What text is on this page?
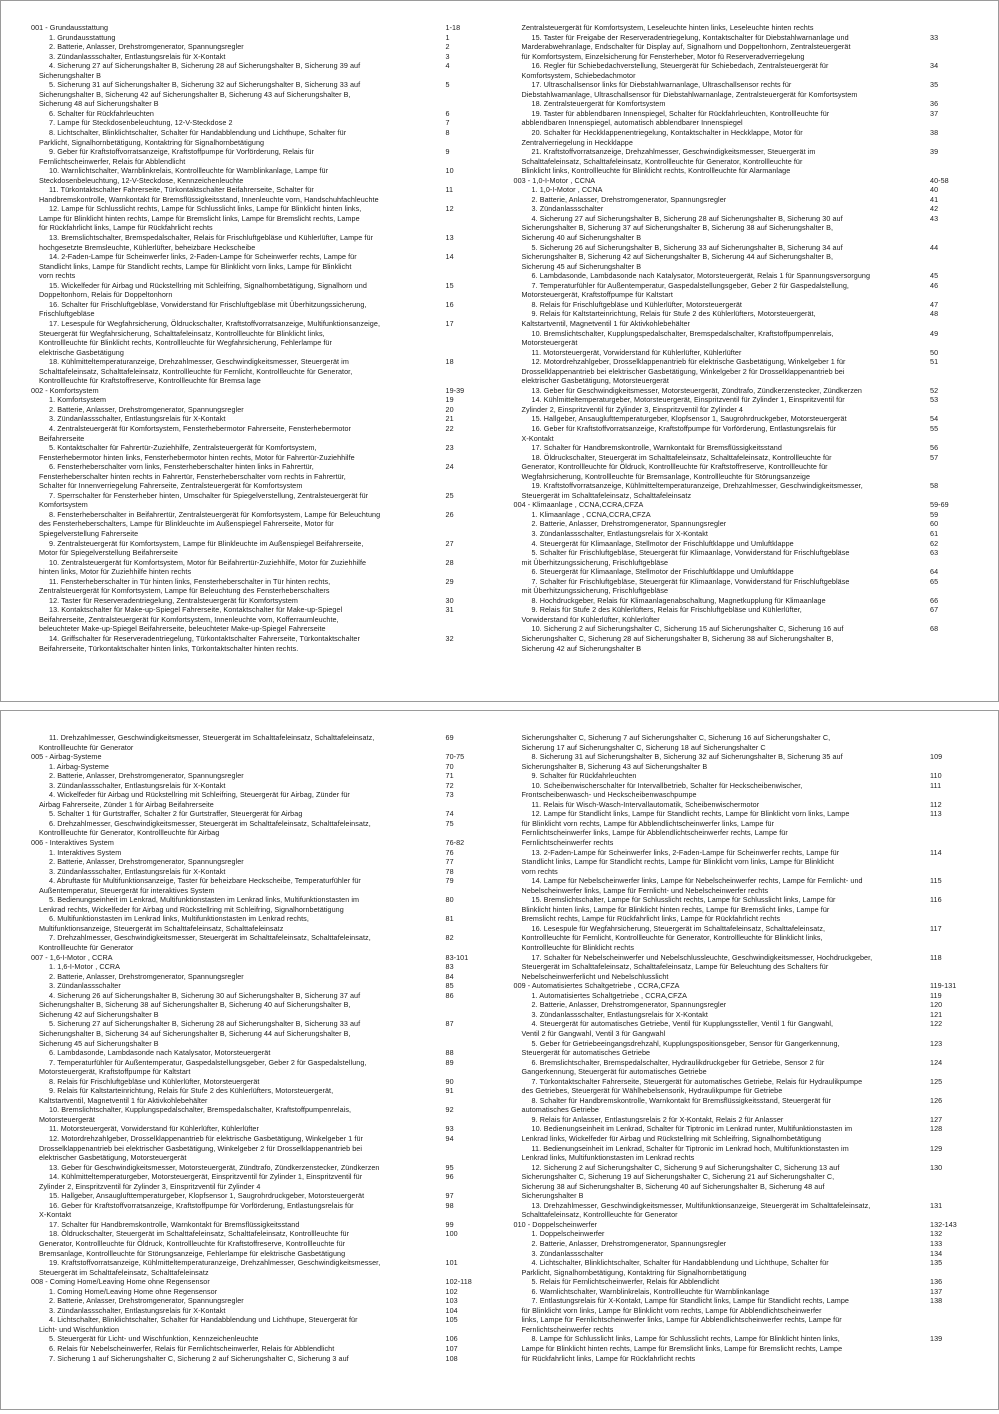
001 - Grundausstattung	1-18
1. Grundausstattung	1
2. Batterie, Anlasser, Drehstromgenerator, Spannungsregler	2
3. Zündanlassschalter, Entlastungsrelais für X-Kontakt	3
4. Sicherung 27 auf Sicherungshalter B, Sicherung 28 auf Sicherungshalter B, Sicherung 39 auf	4
Sicherungshalter B
5. Sicherung 31 auf Sicherungshalter B, Sicherung 32 auf Sicherungshalter B, Sicherung 33 auf	5
Sicherungshalter B, Sicherung 42 auf Sicherungshalter B, Sicherung 43 auf Sicherungshalter B,
Sicherung 48 auf Sicherungshalter B
6. Schalter für Rückfahrleuchten	6
7. Lampe für Steckdosenbeleuchtung, 12-V-Steckdose 2	7
8. Lichtschalter, Blinklichtschalter, Schalter für Handabblendung und Lichthupe, Schalter für	8
Parklicht, Signalhornbetätigung, Kontaktring für Signalhornbetätigung
9. Geber für Kraftstoffvorratsanzeige, Kraftstoffpumpe für Vorförderung, Relais für	9
Fernlichtscheinwerfer, Relais für Abblendlicht
10. Warnlichtschalter, Warnblinkrelais, Kontrollleuchte für Warnblinkanlage, Lampe für	10
Steckdosenbeleuchtung, 12-V-Steckdose, Kennzeichenleuchte
11. Türkontaktschalter Fahrerseite, Türkontaktschalter Beifahrerseite, Schalter für	11
Handbremskontrolle, Warnkontakt für Bremsflüssigkeitsstand, Innenleuchte vorn, Handschuhfachleuchte
12. Lampe für Schlusslicht rechts, Lampe für Schlusslicht links, Lampe für Blinklicht hinten links,	12
Lampe für Blinklicht hinten rechts, Lampe für Bremslicht links, Lampe für Bremslicht rechts, Lampe
für Rückfahrlicht links, Lampe für Rückfahrlicht rechts
13. Bremslichtschalter, Bremspedalschalter, Relais für Frischluftgebläse und Kühlerlüfter, Lampe für	13
hochgesetzte Bremsleuchte, Kühlerlüfter, beheizbare Heckscheibe
14. 2-Faden-Lampe für Scheinwerfer links, 2-Faden-Lampe für Scheinwerfer rechts, Lampe für	14
Standlicht links, Lampe für Standlicht rechts, Lampe für Blinklicht vorn links, Lampe für Blinklicht
vorn rechts
15. Wickelfeder für Airbag und Rückstellring mit Schleifring, Signalhornbetätigung, Signalhorn und	15
Doppeltonhorn, Relais für Doppeltonhorn
16. Schalter für Frischluftgebläse, Vorwiderstand für Frischluftgebläse mit Überhitzungssicherung,	16
Frischluftgebläse
17. Lesespule für Wegfahrsicherung, Öldruckschalter, Kraftstoffvorratsanzeige, Multifunktionsanzeige,	17
Steuergerät für Wegfahrsicherung, Schalttafeleinsatz, Kontrollleuchte für Blinklicht links,
Kontrollleuchte für Blinklicht rechts, Kontrollleuchte für Wegfahrsicherung, Fehlerlampe für
elektrische Gasbetätigung
18. Kühlmitteltemperaturanzeige, Drehzahlmesser, Geschwindigkeitsmesser, Steuergerät im	18
Schalttafeleinsatz, Schalttafeleinsatz, Kontrollleuchte für Fernlicht, Kontrollleuchte für Generator,
Kontrollleuchte für Kraftstoffreserve, Kontrollleuchte für Bremsa lage
002 - Komfortsystem	19-39
1. Komfortsystem	19
2. Batterie, Anlasser, Drehstromgenerator, Spannungsregler	20
3. Zündanlassschalter, Entlastungsrelais für X-Kontakt	21
4. Zentralsteuergerät für Komfortsystem, Fensterhebermotor Fahrerseite, Fensterhebermotor	22
Beifahrerseite
5. Kontaktschalter für Fahrertür-Zuziehhilfe, Zentralsteuergerät für Komfortsystem,	23
Fensterhebermotor hinten links, Fensterhebermotor hinten rechts, Motor für Fahrertür-Zuziehhilfe
6. Fensterheberschalter vorn links, Fensterheberschalter hinten links in Fahrertür,	24
Fensterheberschalter hinten rechts in Fahrertür, Fensterheberschalter vorn rechts in Fahrertür,
Schalter für Innenverriegelung Fahrerseite, Zentralsteuergerät für Komfortsystem
7. Sperrschalter für Fensterheber hinten, Umschalter für Spiegelverstellung, Zentralsteuergerät für	25
Komfortsystem
8. Fensterheberschalter in Beifahrertür, Zentralsteuergerät für Komfortsystem, Lampe für Beleuchtung	26
des Fensterheberschalters, Lampe für Blinkleuchte im Außenspiegel Fahrerseite, Motor für
Spiegelverstellung Fahrerseite
9. Zentralsteuergerät für Komfortsystem, Lampe für Blinkleuchte im Außenspiegel Beifahrerseite,	27
Motor für Spiegelverstellung Beifahrerseite
10. Zentralsteuergerät für Komfortsystem, Motor für Beifahrertür-Zuziehhilfe, Motor für Zuziehhilfe	28
hinten links, Motor für Zuziehhilfe hinten rechts
11. Fensterheberschalter in Tür hinten links, Fensterheberschalter in Tür hinten rechts,	29
Zentralsteuergerät für Komfortsystem, Lampe für Beleuchtung des Fensterheberschalters
12. Taster für Reserveradentriegelung, Zentralsteuergerät für Komfortsystem	30
13. Kontaktschalter für Make-up-Spiegel Fahrerseite, Kontaktschalter für Make-up-Spiegel	31
Beifahrerseite, Zentralsteuergerät für Komfortsystem, Innenleuchte vorn, Kofferraumleuchte,
beleuchteter Make-up-Spiegel Beifahrerseite, beleuchteter Make-up-Spiegel Fahrerseite
14. Griffschalter für Reserveradentriegelung, Türkontaktschalter Fahrerseite, Türkontaktschalter	32
Beifahrerseite, Türkontaktschalter hinten links, Türkontaktschalter hinten rechts.
Zentralsteuergerät für Komfortsystem, Leseleuchte hinten links, Leseleuchte hinten rechts
15. Taster für Freigabe der Reserveradentriegelung, Kontaktschalter für Diebstahlwarnanlage und	33
Marderabwehranlage, Endschalter für Display auf, Signalhorn und Doppeltonhorn, Zentralsteuergerät
für Komfortsystem, Einzelsicherung für Fensterheber, Motor fü Reserveradverriegelung
16. Regler für Schiebedachverstellung, Steuergerät für Schiebedach, Zentralsteuergerät für	34
Komfortsystem, Schiebedachmotor
17. Ultraschallsensor links für Diebstahlwarnanlage, Ultraschallsensor rechts für	35
Diebstahlwarnanlage, Ultraschallsensor für Diebstahlwarnanlage, Zentralsteuergerät für Komfortsystem
18. Zentralsteuergerät für Komfortsystem	36
19. Taster für abblendbaren Innenspiegel, Schalter für Rückfahrleuchten, Kontrollleuchte für	37
abblendbaren Innenspiegel, automatisch abblendbarer Innenspiegel
20. Schalter für Heckklappenentriegelung, Kontaktschalter in Heckklappe, Motor für	38
Zentralverriegelung in Heckklappe
21. Kraftstoffvorratsanzeige, Drehzahlmesser, Geschwindigkeitsmesser, Steuergerät im	39
Schalttafeleinsatz, Schalttafeleinsatz, Kontrollleuchte für Generator, Kontrollleuchte für
Blinklicht links, Kontrollleuchte für Blinklicht rechts, Kontrollleuchte für Alarmanlage
003 - 1,0-I-Motor , CCNA	40-58
1. 1,0-I-Motor , CCNA	40
2. Batterie, Anlasser, Drehstromgenerator, Spannungsregler	41
3. Zündanlassschalter	42
4. Sicherung 27 auf Sicherungshalter B, Sicherung 28 auf Sicherungshalter B, Sicherung 30 auf	43
Sicherungshalter B, Sicherung 37 auf Sicherungshalter B, Sicherung 38 auf Sicherungshalter B,
Sicherung 40 auf Sicherungshalter B
5. Sicherung 26 auf Sicherungshalter B, Sicherung 33 auf Sicherungshalter B, Sicherung 34 auf	44
Sicherungshalter B, Sicherung 42 auf Sicherungshalter B, Sicherung 44 auf Sicherungshalter B,
Sicherung 45 auf Sicherungshalter B
6. Lambdasonde, Lambdasonde nach Katalysator, Motorsteuergerät, Relais 1 für Spannungsversorgung	45
7. Temperaturfühler für Außentemperatur, Gaspedalstellungsgeber, Geber 2 für Gaspedalstellung,	46
Motorsteuergerät, Kraftstoffpumpe für Kaltstart
8. Relais für Frischluftgebläse und Kühlerlüfter, Motorsteuergerät	47
9. Relais für Kaltstarteinrichtung, Relais für Stufe 2 des Kühlerlüfters, Motorsteuergerät,	48
Kaltstartventil, Magnetventil 1 für Aktivkohlebehälter
10. Bremslichtschalter, Kupplungspedalschalter, Bremspedalschalter, Kraftstoffpumpenrelais,	49
Motorsteuergerät
11. Motorsteuergerät, Vorwiderstand für Kühlerlüfter, Kühlerlüfter	50
12. Motordrehzahlgeber, Drosselklappenantrieb für elektrische Gasbetätigung, Winkelgeber 1 für	51
Drosselklappenantrieb bei elektrischer Gasbetätigung, Winkelgeber 2 für Drosselklappenantrieb bei
elektrischer Gasbetätigung, Motorsteuergerät
13. Geber für Geschwindigkeitsmesser, Motorsteuergerät, Zündtrafo, Zündkerzenstecker, Zündkerzen	52
14. Kühlmitteltemperaturgeber, Motorsteuergerät, Einspritzventil für Zylinder 1, Einspritzventil für	53
Zylinder 2, Einspritzventil für Zylinder 3, Einspritzventil für Zylinder 4
15. Hallgeber, Ansauglufttemperaturgeber, Klopfsensor 1, Saugrohrdruckgeber, Motorsteuergerät	54
16. Geber für Kraftstoffvorratsanzeige, Kraftstoffpumpe für Vorförderung, Entlastungsrelais für	55
X-Kontakt
17. Schalter für Handbremskontrolle, Warnkontakt für Bremsflüssigkeitsstand	56
18. Öldruckschalter, Steuergerät im Schalttafeleinsatz, Schalttafeleinsatz, Kontrollleuchte für	57
Generator, Kontrollleuchte für Öldruck, Kontrollleuchte für Kraftstoffreserve, Kontrollleuchte für
Wegfahrsicherung, Kontrollleuchte für Bremsanlage, Kontrollleuchte für Störungsanzeige
19. Kraftstoffvorratsanzeige, Kühlmitteltemperaturanzeige, Drehzahlmesser, Geschwindigkeitsmesser,	58
Steuergerät im Schalttafeleinsatz, Schalttafeleinsatz
004 - Klimaanlage , CCNA,CCRA,CFZA	59-69
1. Klimaanlage , CCNA,CCRA,CFZA	59
2. Batterie, Anlasser, Drehstromgenerator, Spannungsregler	60
3. Zündanlassschalter, Entlastungsrelais für X-Kontakt	61
4. Steuergerät für Klimaanlage, Stellmotor der Frischluftklappe und Umluftklappe	62
5. Schalter für Frischluftgebläse, Steuergerät für Klimaanlage, Vorwiderstand für Frischluftgebläse	63
mit Überhitzungssicherung, Frischluftgebläse
6. Steuergerät für Klimaanlage, Stellmotor der Frischluftklappe und Umluftklappe	64
7. Schalter für Frischluftgebläse, Steuergerät für Klimaanlage, Vorwiderstand für Frischluftgebläse	65
mit Überhitzungssicherung, Frischluftgebläse
8. Hochdruckgeber, Relais für Klimaanlagenabschaltung, Magnetkupplung für Klimaanlage	66
9. Relais für Stufe 2 des Kühlerlüfters, Relais für Frischluftgebläse und Kühlerlüfter,	67
Vorwiderstand für Kühlerlüfter, Kühlerlüfter
10. Sicherung 2 auf Sicherungshalter C, Sicherung 15 auf Sicherungshalter C, Sicherung 16 auf	68
Sicherungshalter C, Sicherung 28 auf Sicherungshalter B, Sicherung 38 auf Sicherungshalter B,
Sicherung 42 auf Sicherungshalter B
11. Drehzahlmesser, Geschwindigkeitsmesser, Steuergerät im Schalttafeleinsatz, Schalttafeleinsatz,	69
Kontrollleuchte für Generator
005 - Airbag-Systeme	70-75
1. Airbag-Systeme	70
2. Batterie, Anlasser, Drehstromgenerator, Spannungsregler	71
3. Zündanlassschalter, Entlastungsrelais für X-Kontakt	72
4. Wickelfeder für Airbag und Rückstellring mit Schleifring, Steuergerät für Airbag, Zünder für	73
Airbag Fahrerseite, Zünder 1 für Airbag Beifahrerseite
5. Schalter 1 für Gurtstraffer, Schalter 2 für Gurtstraffer, Steuergerät für Airbag	74
6. Drehzahlmesser, Geschwindigkeitsmesser, Steuergerät im Schalttafeleinsatz, Schalttafeleinsatz,	75
Kontrollleuchte für Generator, Kontrollleuchte für Airbag
006 - Interaktives System	76-82
1. Interaktives System	76
2. Batterie, Anlasser, Drehstromgenerator, Spannungsregler	77
3. Zündanlassschalter, Entlastungsrelais für X-Kontakt	78
4. Abruftaste für Multifunktionsanzeige, Taster für beheizbare Heckscheibe, Temperaturfühler für	79
Außentemperatur, Steuergerät für interaktives System
5. Bedienungseinheit im Lenkrad, Multifunktionstasten im Lenkrad links, Multifunktionstasten im	80
Lenkrad rechts, Wickelfeder für Airbag und Rückstellring mit Schleifring, Signalhornbetätigung
6. Multifunktionstasten im Lenkrad links, Multifunktionstasten im Lenkrad rechts,	81
Multifunktionsanzeige, Steuergerät im Schalttafeleinsatz, Schalttafeleinsatz
7. Drehzahlmesser, Geschwindigkeitsmesser, Steuergerät im Schalttafeleinsatz, Schalttafeleinsatz,	82
Kontrollleuchte für Generator
007 - 1,6-I-Motor , CCRA	83-101
1. 1,6-I-Motor , CCRA	83
2. Batterie, Anlasser, Drehstromgenerator, Spannungsregler	84
3. Zündanlassschalter	85
4. Sicherung 26 auf Sicherungshalter B, Sicherung 30 auf Sicherungshalter B, Sicherung 37 auf	86
Sicherungshalter B, Sicherung 38 auf Sicherungshalter B, Sicherung 40 auf Sicherungshalter B,
Sicherung 42 auf Sicherungshalter B
5. Sicherung 27 auf Sicherungshalter B, Sicherung 28 auf Sicherungshalter B, Sicherung 33 auf	87
Sicherungshalter B, Sicherung 34 auf Sicherungshalter B, Sicherung 44 auf Sicherungshalter B,
Sicherung 45 auf Sicherungshalter B
6. Lambdasonde, Lambdasonde nach Katalysator, Motorsteuergerät	88
7. Temperaturfühler für Außentemperatur, Gaspedalstellungsgeber, Geber 2 für Gaspedalstellung,	89
Motorsteuergerät, Kraftstoffpumpe für Kaltstart
8. Relais für Frischluftgebläse und Kühlerlüfter, Motorsteuergerät	90
9. Relais für Kaltstarteinrichtung, Relais für Stufe 2 des Kühlerlüfters, Motorsteuergerät,	91
Kaltstartventil, Magnetventil 1 für Aktivkohlebehälter
10. Bremslichtschalter, Kupplungspedalschalter, Bremspedalschalter, Kraftstoffpumpenrelais,	92
Motorsteuergerät
11. Motorsteuergerät, Vorwiderstand für Kühlerlüfter, Kühlerlüfter	93
12. Motordrehzahlgeber, Drosselklappenantrieb für elektrische Gasbetätigung, Winkelgeber 1 für	94
Drosselklappenantrieb bei elektrischer Gasbetätigung, Winkelgeber 2 für Drosselklappenantrieb bei
elektrischer Gasbetätigung, Motorsteuergerät
13. Geber für Geschwindigkeitsmesser, Motorsteuergerät, Zündtrafo, Zündkerzenstecker, Zündkerzen	95
14. Kühlmitteltemperaturgeber, Motorsteuergerät, Einspritzventil für Zylinder 1, Einspritzventil für	96
Zylinder 2, Einspritzventil für Zylinder 3, Einspritzventil für Zylinder 4
15. Hallgeber, Ansauglufttemperaturgeber, Klopfsensor 1, Saugrohrdruckgeber, Motorsteuergerät	97
16. Geber für Kraftstoffvorratsanzeige, Kraftstoffpumpe für Vorförderung, Entlastungsrelais für	98
X-Kontakt
17. Schalter für Handbremskontrolle, Warnkontakt für Bremsflüssigkeitsstand	99
18. Öldruckschalter, Steuergerät im Schalttafeleinsatz, Schalttafeleinsatz, Kontrollleuchte für	100
Generator, Kontrollleuchte für Öldruck, Kontrollleuchte für Kraftstoffreserve, Kontrollleuchte für
Bremsanlage, Kontrollleuchte für Störungsanzeige, Fehlerlampe für elektrische Gasbetätigung
19. Kraftstoffvorratsanzeige, Kühlmitteltemperaturanzeige, Drehzahlmesser, Geschwindigkeitsmesser,	101
Steuergerät im Schalttafeleinsatz, Schalttafeleinsatz
008 - Coming Home/Leaving Home ohne Regensensor	102-118
1. Coming Home/Leaving Home ohne Regensensor	102
2. Batterie, Anlasser, Drehstromgenerator, Spannungsregler	103
3. Zündanlassschalter, Entlastungsrelais für X-Kontakt	104
4. Lichtschalter, Blinklichtschalter, Schalter für Handabblendung und Lichthupe, Steuergerät für	105
Licht- und Wischfunktion
5. Steuergerät für Licht- und Wischfunktion, Kennzeichenleuchte	106
6. Relais für Nebelscheinwerfer, Relais für Fernlichtscheinwerfer, Relais für Abblendlicht	107
7. Sicherung 1 auf Sicherungshalter C, Sicherung 2 auf Sicherungshalter C, Sicherung 3 auf	108
Sicherungshalter C, Sicherung 7 auf Sicherungshalter C, Sicherung 16 auf Sicherungshalter C,
Sicherung 17 auf Sicherungshalter C, Sicherung 18 auf Sicherungshalter C
8. Sicherung 31 auf Sicherungshalter B, Sicherung 32 auf Sicherungshalter B, Sicherung 35 auf	109
Sicherungshalter B, Sicherung 43 auf Sicherungshalter B
9. Schalter für Rückfahrleuchten	110
10. Scheibenwischerschalter für Intervallbetrieb, Schalter für Heckscheibenwischer,	111
Frontscheibenwasch- und Heckscheibenwaschpumpe
11. Relais für Wisch-Wasch-Intervallautomatik, Scheibenwischermotor	112
12. Lampe für Standlicht links, Lampe für Standlicht rechts, Lampe für Blinklicht vorn links, Lampe	113
für Blinklicht vorn rechts, Lampe für Abblendlichtscheinwerfer links, Lampe für
Fernlichtscheinwerfer links, Lampe für Abblendlichtscheinwerfer rechts, Lampe für
Fernlichtscheinwerfer rechts
13. 2-Faden-Lampe für Scheinwerfer links, 2-Faden-Lampe für Scheinwerfer rechts, Lampe für	114
Standlicht links, Lampe für Standlicht rechts, Lampe für Blinklicht vorn links, Lampe für Blinklicht
vorn rechts
14. Lampe für Nebelscheinwerfer links, Lampe für Nebelscheinwerfer rechts, Lampe für Fernlicht- und	115
Nebelscheinwerfer links, Lampe für Fernlicht- und Nebelscheinwerfer rechts
15. Bremslichtschalter, Lampe für Schlusslicht rechts, Lampe für Schlusslicht links, Lampe für	116
Blinklicht hinten links, Lampe für Blinklicht hinten rechts, Lampe für Bremslicht links, Lampe für
Bremslicht rechts, Lampe für Rückfahrlicht links, Lampe für Rückfahrlicht rechts
16. Lesespule für Wegfahrsicherung, Steuergerät im Schalttafeleinsatz, Schalttafeleinsatz,	117
Kontrollleuchte für Fernlicht, Kontrollleuchte für Generator, Kontrollleuchte für Blinklicht links,
Kontrollleuchte für Blinklicht rechts
17. Schalter für Nebelscheinwerfer und Nebelschlussleuchte, Geschwindigkeitsmesser, Hochdruckgeber,	118
Steuergerät im Schalttafeleinsatz, Schalttafeleinsatz, Lampe für Beleuchtung des Schalters für
Nebelscheinwerferlicht und Nebelschlusslicht
009 - Automatisiertes Schaltgetriebe , CCRA,CFZA	119-131
1. Automatisiertes Schaltgetriebe , CCRA,CFZA	119
2. Batterie, Anlasser, Drehstromgenerator, Spannungsregler	120
3. Zündanlassschalter, Entlastungsrelais für X-Kontakt	121
4. Steuergerät für automatisches Getriebe, Ventil für Kupplungssteller, Ventil 1 für Gangwahl,	122
Ventil 2 für Gangwahl, Ventil 3 für Gangwahl
5. Geber für Getriebeeingangsdrehzahl, Kupplungspositionsgeber, Sensor für Gangerkennung,	123
Steuergerät für automatisches Getriebe
6. Bremslichtschalter, Bremspedalschalter, Hydraulikdruckgeber für Getriebe, Sensor 2 für	124
Gangerkennung, Steuergerät für automatisches Getriebe
7. Türkontaktschalter Fahrerseite, Steuergerät für automatisches Getriebe, Relais für Hydraulikpumpe	125
des Getriebes, Steuergerät für Wählhebelsensorik, Hydraulikpumpe für Getriebe
8. Schalter für Handbremskontrolle, Warnkontakt für Bremsflüssigkeitsstand, Steuergerät für	126
automatisches Getriebe
9. Relais für Anlasser, Entlastungsrelais 2 für X-Kontakt, Relais 2 für Anlasser	127
10. Bedienungseinheit im Lenkrad, Schalter für Tiptronic im Lenkrad runter, Multifunktionstasten im	128
Lenkrad links, Wickelfeder für Airbag und Rückstellring mit Schleifring, Signalhornbetätigung
11. Bedienungseinheit im Lenkrad, Schalter für Tiptronic im Lenkrad hoch, Multifunktionstasten im	129
Lenkrad links, Multifunktionstasten im Lenkrad rechts
12. Sicherung 2 auf Sicherungshalter C, Sicherung 9 auf Sicherungshalter C, Sicherung 13 auf	130
Sicherungshalter C, Sicherung 19 auf Sicherungshalter C, Sicherung 21 auf Sicherungshalter C,
Sicherung 38 auf Sicherungshalter B, Sicherung 40 auf Sicherungshalter B, Sicherung 48 auf
Sicherungshalter B
13. Drehzahlmesser, Geschwindigkeitsmesser, Multifunktionsanzeige, Steuergerät im Schalttafeleinsatz,	131
Schalttafeleinsatz, Kontrollleuchte für Generator
010 - Doppelscheinwerfer	132-143
1. Doppelscheinwerfer	132
2. Batterie, Anlasser, Drehstromgenerator, Spannungsregler	133
3. Zündanlassschalter	134
4. Lichtschalter, Blinklichtschalter, Schalter für Handabblendung und Lichthupe, Schalter für	135
Parklicht, Signalhornbetätigung, Kontaktring für Signalhornbetätigung
5. Relais für Fernlichtscheinwerfer, Relais für Abblendlicht	136
6. Warnlichtschalter, Warnblinkrelais, Kontrollleuchte für Warnblinkanlage	137
7. Entlastungsrelais für X-Kontakt, Lampe für Standlicht links, Lampe für Standlicht rechts, Lampe	138
für Blinklicht vorn links, Lampe für Blinklicht vorn rechts, Lampe für Abblendlichtscheinwerfer
links, Lampe für Fernlichtscheinwerfer links, Lampe für Abblendlichtscheinwerfer rechts, Lampe für
Fernlichtscheinwerfer rechts
8. Lampe für Schlusslicht links, Lampe für Schlusslicht rechts, Lampe für Blinklicht hinten links,	139
Lampe für Blinklicht hinten rechts, Lampe für Bremslicht links, Lampe für Bremslicht rechts, Lampe
für Rückfahrlicht links, Lampe für Rückfahrlicht rechts
